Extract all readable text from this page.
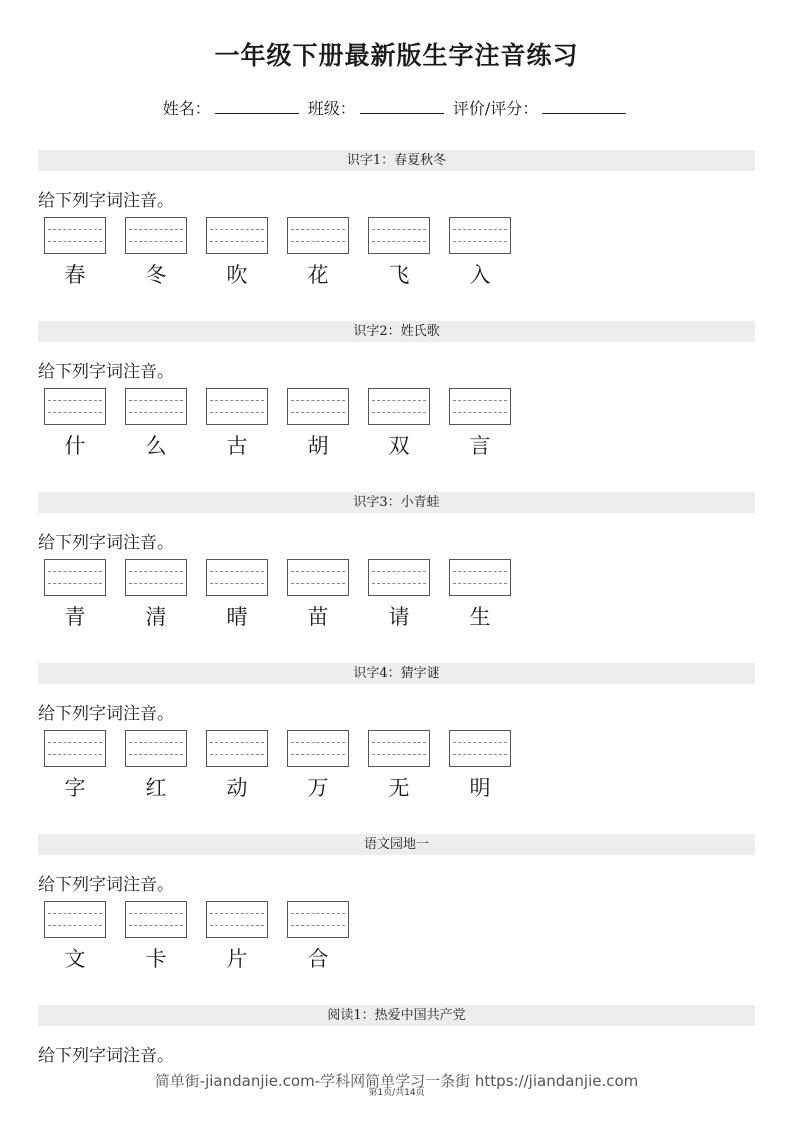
一年级下册最新版生字注音练习
姓名：	班级：	评价/评分：
识字1：春夏秋冬
给下列字词注音。
春	冬	吹	花	飞	入
识字2：姓氏歌
给下列字词注音。
什	么	古	胡	双	言
识字3：小青蛙
给下列字词注音。
青	清	晴	苗	请	生
识字4：猜字谜
给下列字词注音。
字	红	动	万	无	明
语文园地一
给下列字词注音。
文	卡	片	合
阅读1：热爱中国共产党
给下列字词注音。
简单街-jiandanjie.com-学科网简单学习一条街 https://jiandanjie.com
第1页/共14页
